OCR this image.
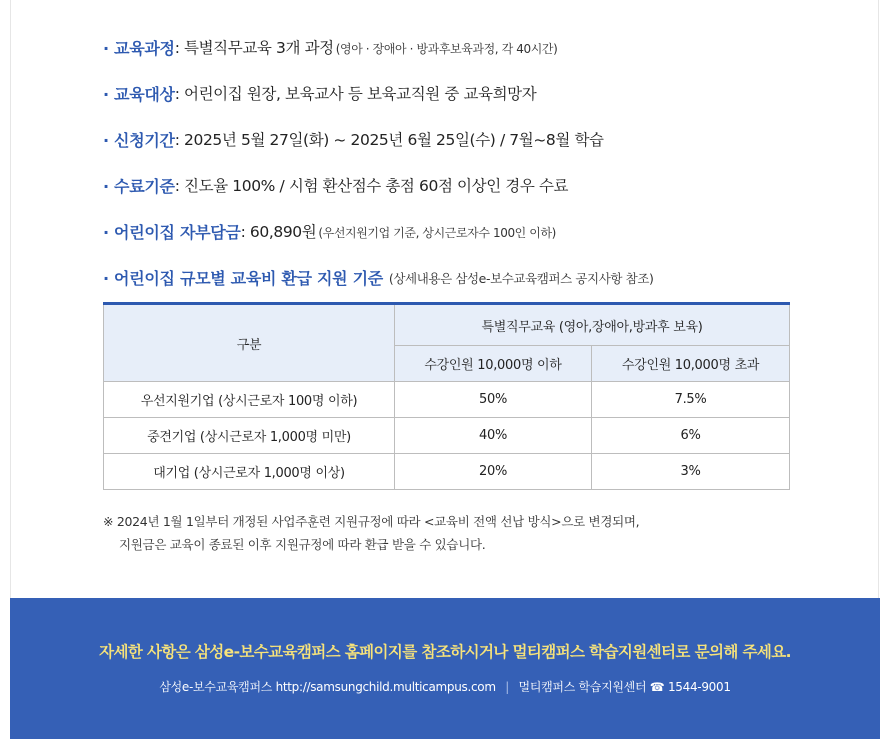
· 교육과정 : 특별직무교육 3개 과정 (영아 · 장애아 · 방과후보육과정, 각 40시간)
· 교육대상 : 어린이집 원장, 보육교사 등 보육교직원 중 교육희망자
· 신청기간 : 2025년 5월 27일(화) ~ 2025년 6월 25일(수) / 7월~8월 학습
· 수료기준 : 진도율 100% / 시험 환산점수 총점 60점 이상인 경우 수료
· 어린이집 자부담금 : 60,890원 (우선지원기업 기준, 상시근로자수 100인 이하)
· 어린이집 규모별 교육비 환급 지원 기준 (상세내용은 삼성e-보수교육캠퍼스 공지사항 참조)
구분	특별직무교육 (영아,장애아,방과후 보육)	
	수강인원 10,000명 이하	수강인원 10,000명 초과
우선지원기업 (상시근로자 100명 이하)	50%	7.5%
중견기업 (상시근로자 1,000명 미만)	40%	6%
대기업 (상시근로자 1,000명 이상)	20%	3%
※ 2024년 1월 1일부터 개정된 사업주훈련 지원규정에 따라 <교육비 전액 선납 방식>으로 변경되며,
지원금은 교육이 종료된 이후 지원규정에 따라 환급 받을 수 있습니다.
자세한 사항은 삼성e-보수교육캠퍼스 홈페이지를 참조하시거나 멀티캠퍼스 학습지원센터로 문의해 주세요.
삼성e-보수교육캠퍼스 http://samsungchild.multicampus.com | 멀티캠퍼스 학습지원센터 ☎ 1544-9001
